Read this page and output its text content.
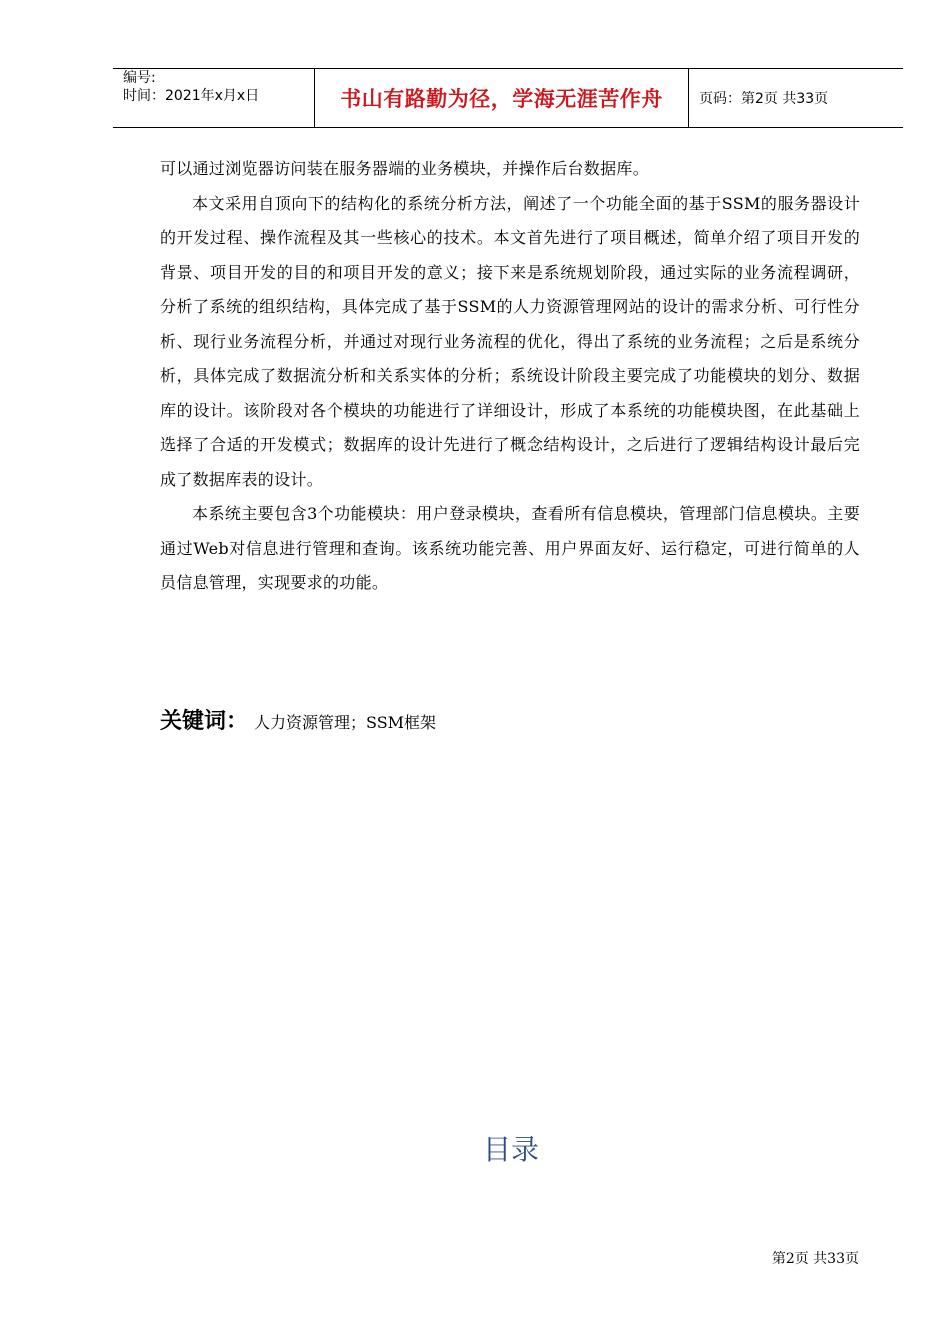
编号:
时间：2021年x月x日	书山有路勤为径，学海无涯苦作舟	页码：第2页 共33页

可以通过浏览器访问装在服务器端的业务模块，并操作后台数据库。

本文采用自顶向下的结构化的系统分析方法，阐述了一个功能全面的基于SSM的服务器设计的开发过程、操作流程及其一些核心的技术。本文首先进行了项目概述，简单介绍了项目开发的背景、项目开发的目的和项目开发的意义；接下来是系统规划阶段，通过实际的业务流程调研，分析了系统的组织结构，具体完成了基于SSM的人力资源管理网站的设计的需求分析、可行性分析、现行业务流程分析，并通过对现行业务流程的优化，得出了系统的业务流程；之后是系统分析，具体完成了数据流分析和关系实体的分析；系统设计阶段主要完成了功能模块的划分、数据库的设计。该阶段对各个模块的功能进行了详细设计，形成了本系统的功能模块图，在此基础上选择了合适的开发模式；数据库的设计先进行了概念结构设计，之后进行了逻辑结构设计最后完成了数据库表的设计。

本系统主要包含3个功能模块：用户登录模块，查看所有信息模块，管理部门信息模块。主要通过Web对信息进行管理和查询。该系统功能完善、用户界面友好、运行稳定，可进行简单的人员信息管理，实现要求的功能。

关键词： 人力资源管理；SSM框架
目录
第2页 共33页
